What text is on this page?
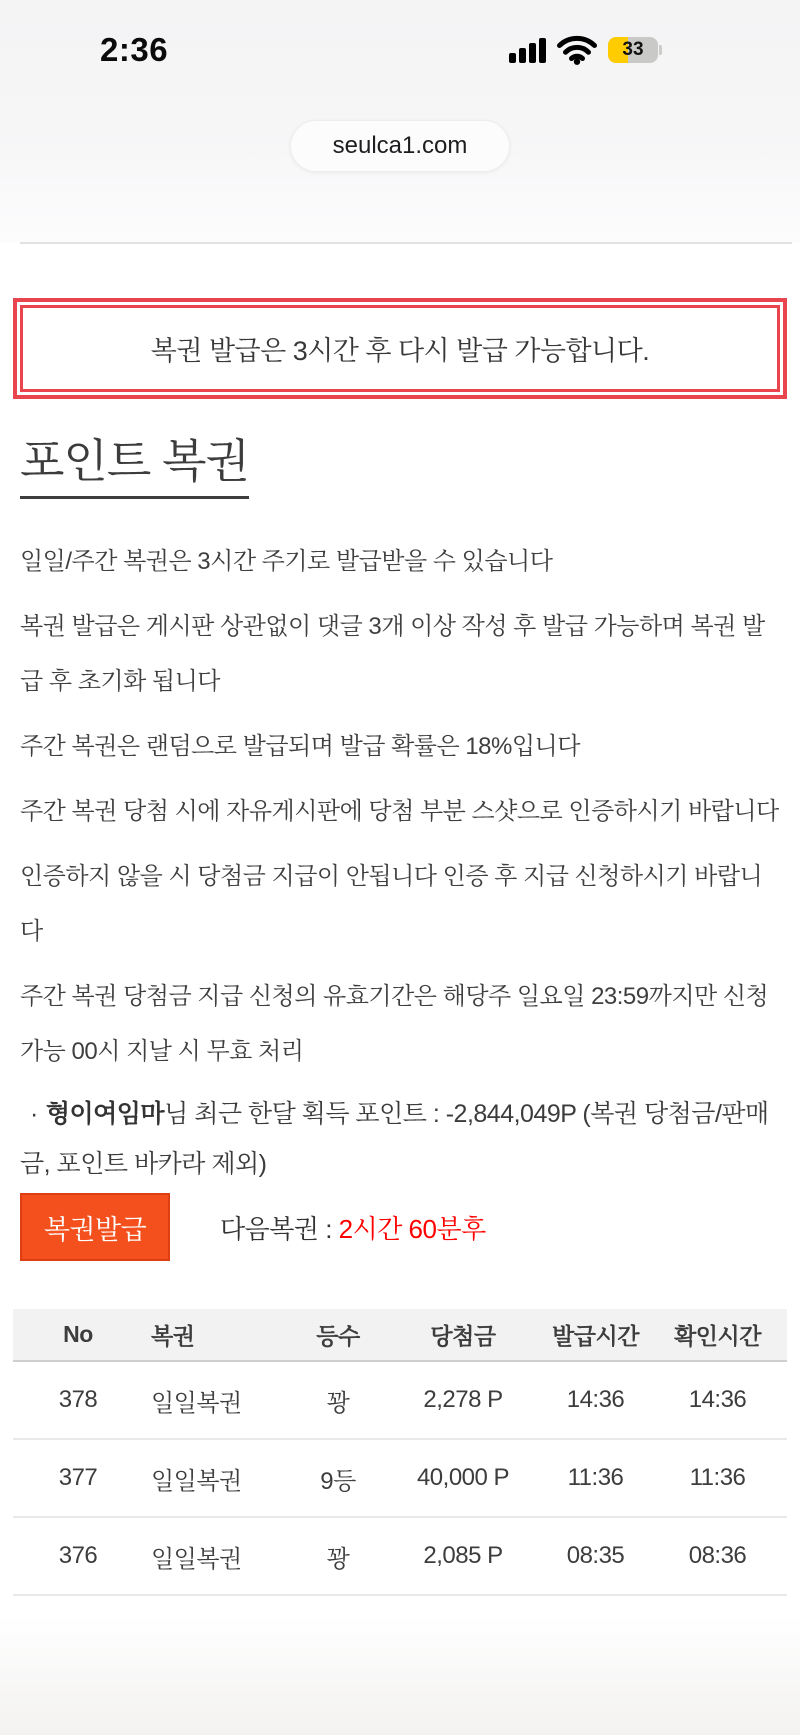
2:36	33
seulca1.com
복권 발급은 3시간 후 다시 발급 가능합니다.
포인트 복권

일일/주간 복권은 3시간 주기로 발급받을 수 있습니다

복권 발급은 게시판 상관없이 댓글 3개 이상 작성 후 발급 가능하며 복권 발급 후 초기화 됩니다

주간 복권은 랜덤으로 발급되며 발급 확률은 18%입니다

주간 복권 당첨 시에 자유게시판에 당첨 부분 스샷으로 인증하시기 바랍니다

인증하지 않을 시 당첨금 지급이 안됩니다 인증 후 지급 신청하시기 바랍니다

주간 복권 당첨금 지급 신청의 유효기간은 해당주 일요일 23:59까지만 신청 가능 00시 지날 시 무효 처리

· 형이여임마님 최근 한달 획득 포인트 : -2,844,049P (복권 당첨금/판매금, 포인트 바카라 제외)
복권발급	다음복권 : 2시간 60분후
No	복권	등수	당첨금	발급시간	확인시간
378	일일복권	꽝	2,278 P	14:36	14:36
377	일일복권	9등	40,000 P	11:36	11:36
376	일일복권	꽝	2,085 P	08:35	08:36
